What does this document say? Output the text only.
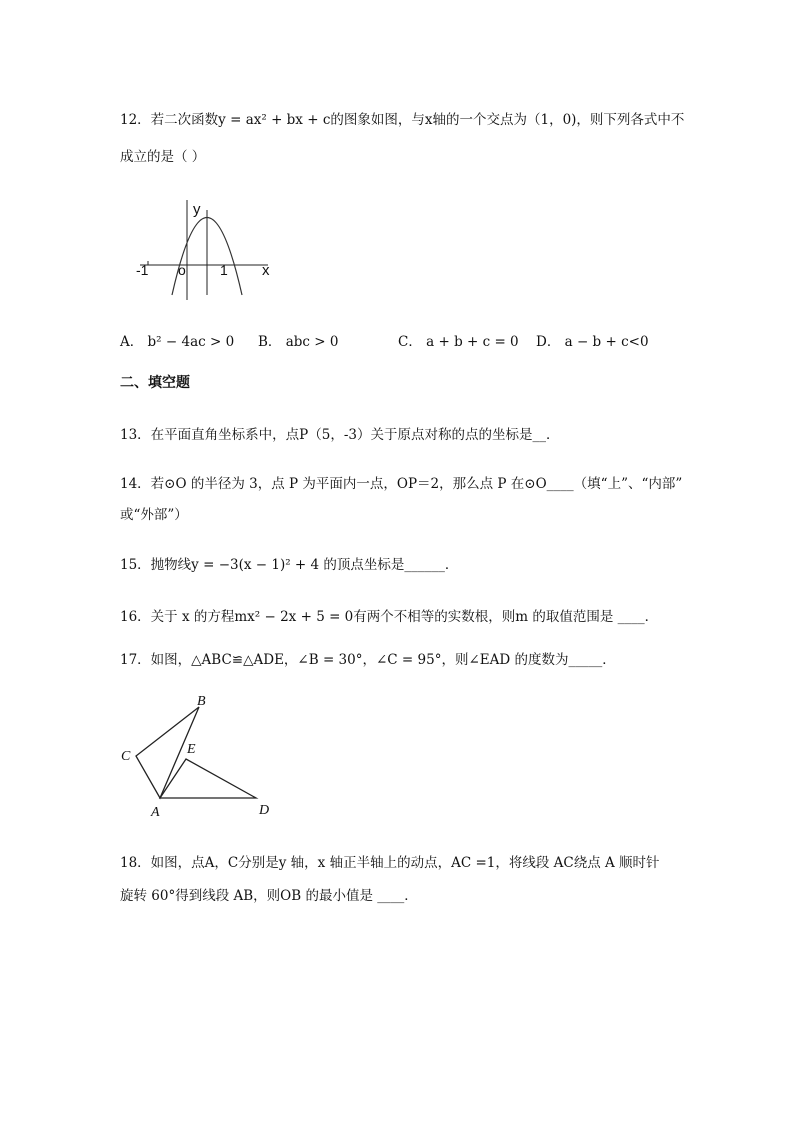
12．若二次函数y = ax² + bx + c的图象如图，与x轴的一个交点为（1，0)，则下列各式中不
成立的是（ ）
y
x
o
-1	1
A． b² − 4ac > 0 B． abc > 0	C． a + b + c = 0 D． a − b + c<0
二、填空题
13．在平面直角坐标系中，点P（5，-3）关于原点对称的点的坐标是__．
14．若⊙O 的半径为 3，点 P 为平面内一点，OP＝2，那么点 P 在⊙O____（填“上”、“内部”
或“外部”）
15．抛物线y = −3(x − 1)² + 4 的顶点坐标是______．
16．关于 x 的方程mx² − 2x + 5 = 0有两个不相等的实数根，则m 的取值范围是 ____．
17．如图，△ABC≌△ADE，∠B = 30°，∠C = 95°，则∠EAD 的度数为_____．
A
B
C
D
E
18．如图，点A，C分别是y 轴，x 轴正半轴上的动点，AC =1，将线段 AC绕点 A 顺时针
旋转 60°得到线段 AB，则OB 的最小值是 ____．
